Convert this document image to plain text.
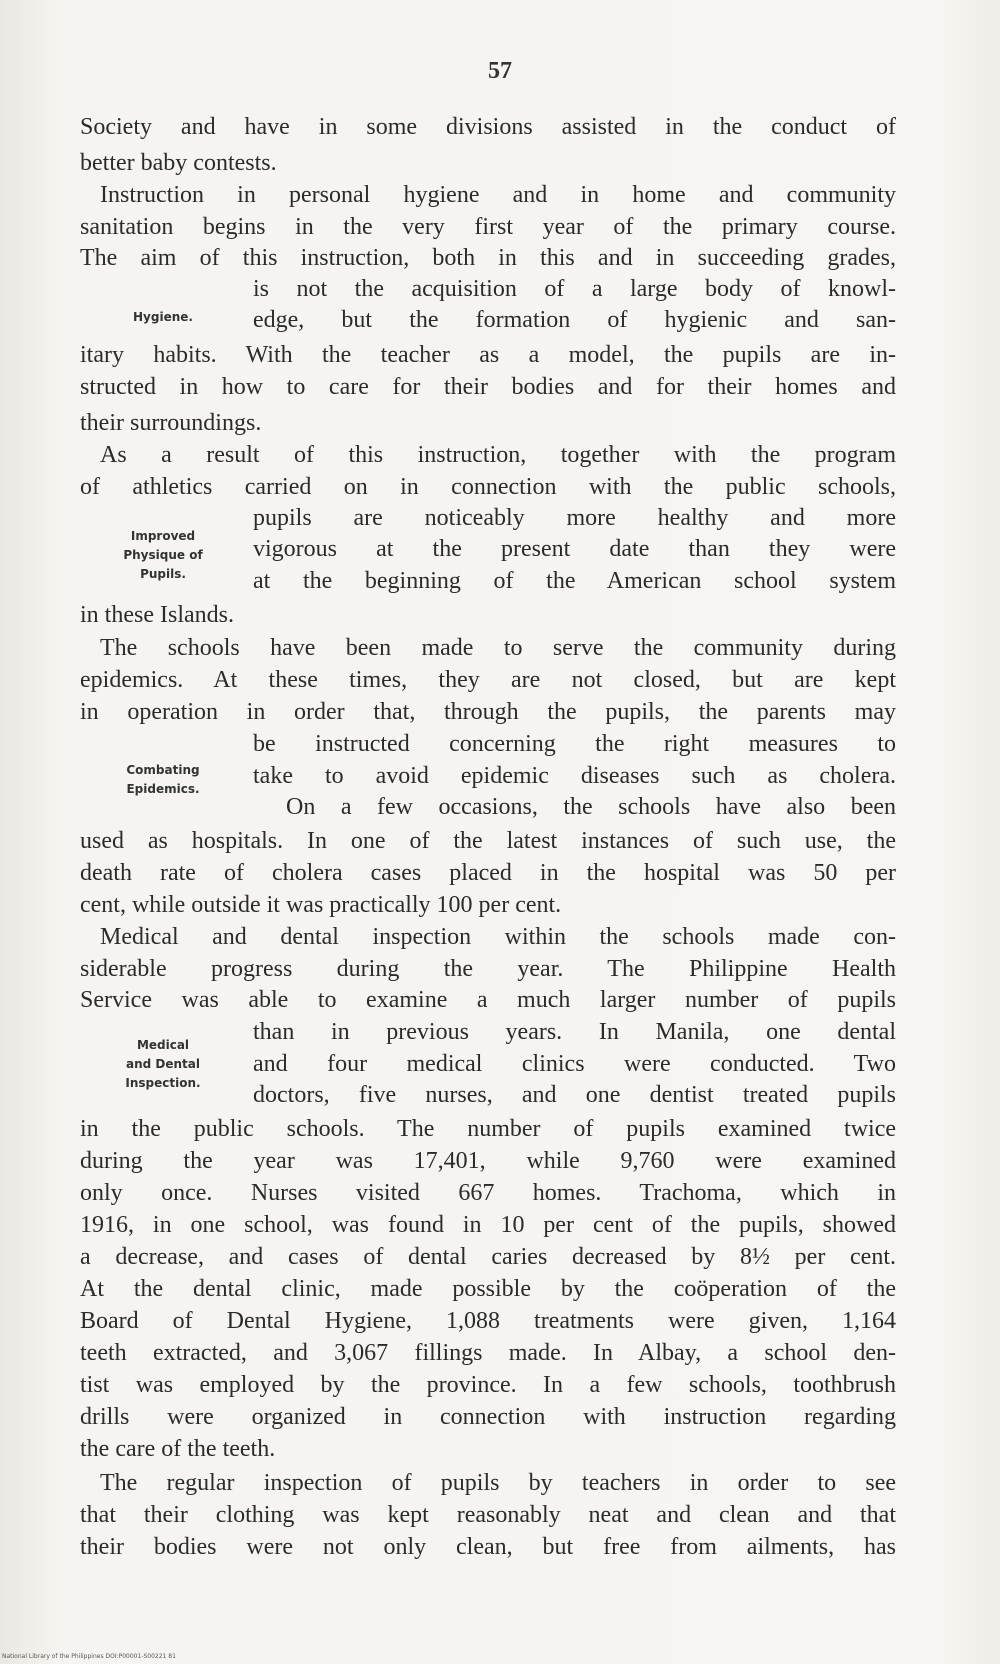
57
Hygiene.
Improved
Physique of
Pupils.
Combating
Epidemics.
Medical
and Dental
Inspection.
Society and have in some divisions assisted in the conduct of
better baby contests.
Instruction in personal hygiene and in home and community
sanitation begins in the very first year of the primary course.
The aim of this instruction, both in this and in succeeding grades,
is not the acquisition of a large body of knowl-
edge, but the formation of hygienic and san-
itary habits. With the teacher as a model, the pupils are in-
structed in how to care for their bodies and for their homes and
their surroundings.
As a result of this instruction, together with the program
of athletics carried on in connection with the public schools,
pupils are noticeably more healthy and more
vigorous at the present date than they were
at the beginning of the American school system
in these Islands.
The schools have been made to serve the community during
epidemics. At these times, they are not closed, but are kept
in operation in order that, through the pupils, the parents may
be instructed concerning the right measures to
take to avoid epidemic diseases such as cholera.
On a few occasions, the schools have also been
used as hospitals. In one of the latest instances of such use, the
death rate of cholera cases placed in the hospital was 50 per
cent, while outside it was practically 100 per cent.
Medical and dental inspection within the schools made con-
siderable progress during the year. The Philippine Health
Service was able to examine a much larger number of pupils
than in previous years. In Manila, one dental
and four medical clinics were conducted. Two
doctors, five nurses, and one dentist treated pupils
in the public schools. The number of pupils examined twice
during the year was 17,401, while 9,760 were examined
only once. Nurses visited 667 homes. Trachoma, which in
1916, in one school, was found in 10 per cent of the pupils, showed
a decrease, and cases of dental caries decreased by 8½ per cent.
At the dental clinic, made possible by the coöperation of the
Board of Dental Hygiene, 1,088 treatments were given, 1,164
teeth extracted, and 3,067 fillings made. In Albay, a school den-
tist was employed by the province. In a few schools, toothbrush
drills were organized in connection with instruction regarding
the care of the teeth.
The regular inspection of pupils by teachers in order to see
that their clothing was kept reasonably neat and clean and that
their bodies were not only clean, but free from ailments, has
National Library of the Philippines DOI:P00001-S00221 81
